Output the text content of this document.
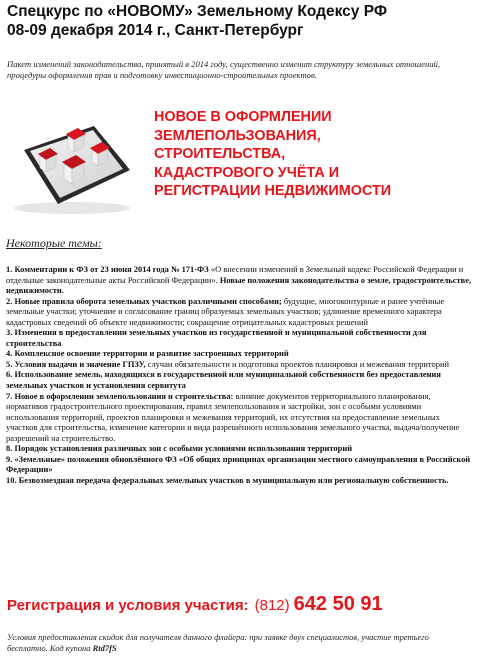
Спецкурс по «НОВОМУ» Земельному Кодексу РФ
08-09 декабря 2014 г., Санкт-Петербург
Пакет изменений законодательства, принятый в 2014 году, существенно изменит структуру земельных отношений, процедуры оформления прав и подготовку инвестиционно-строительных проектов.
НОВОЕ В ОФОРМЛЕНИИ
ЗЕМЛЕПОЛЬЗОВАНИЯ,
СТРОИТЕЛЬСТВА,
КАДАСТРОВОГО УЧЁТА И
РЕГИСТРАЦИИ НЕДВИЖИМОСТИ
Некоторые темы:
1. Комментарии к ФЗ от 23 июня 2014 года № 171-ФЗ «О внесении изменений в Земельный кодекс Российской Федерации и отдельные законодательные акты Российской Федерации». Новые положения законодательства о земле, градостроительстве, недвижимости.
2. Новые правила оборота земельных участков различными способами; будущие, многоконтурные и ранее учтённые земельные участки; уточнение и согласование границ образуемых земельных участков; удлинение временного характера кадастровых сведений об объекте недвижимости; сокращение отрицательных кадастровых решений
3. Изменения в предоставлении земельных участков из государственной и муниципальной собственности для строительства
4. Комплексное освоение территории и развитие застроенных территорий
5. Условия выдачи и значение ГПЗУ, случаи обязательности и подготовка проектов планировки и межевания территорий
6. Использование земель, находящихся в государственной или муниципальной собственности без предоставления земельных участков и установления сервитута
7. Новое в оформлении землепользования и строительства: влияние документов территориального планирования, нормативов градостроительного проектирования, правил землепользования и застройки, зон с особыми условиями использования территорий, проектов планировки и межевания территорий, их отсутствия на предоставление земельных участков для строительства, изменение категории и вида разрешённого использования земельного участка, выдача/получение разрешений на строительство.
8. Порядок установления различных зон с особыми условиями использования территорий
9. «Земельные» положения обновлённого ФЗ «Об общих принципах организации местного самоуправления в Российской Федерации»
10. Безвозмездная передача федеральных земельных участков в муниципальную или региональную собственность.
Регистрация и условия участия: (812) 642 50 91
Условия предоставления скидок для получателя данного флайера: при заявке двух специалистов, участие третьего бесплатно. Код купона Rtd7fS
